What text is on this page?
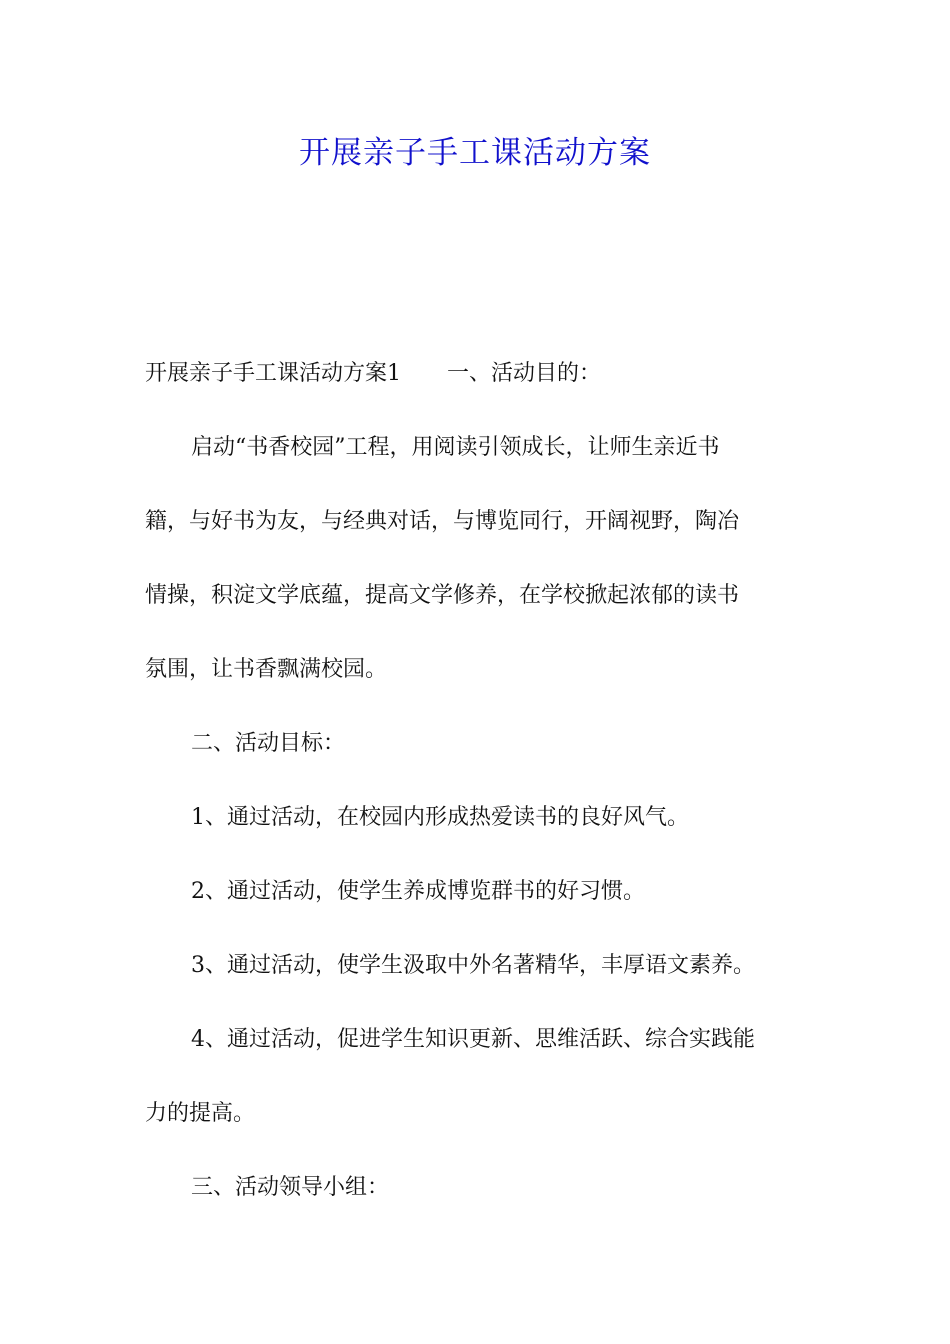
开展亲子手工课活动方案

开展亲子手工课活动方案1 一、活动目的：

启动“书香校园”工程，用阅读引领成长，让师生亲近书
籍，与好书为友，与经典对话，与博览同行，开阔视野，陶冶
情操，积淀文学底蕴，提高文学修养，在学校掀起浓郁的读书
氛围，让书香飘满校园。

二、活动目标：

1、通过活动，在校园内形成热爱读书的良好风气。

2、通过活动，使学生养成博览群书的好习惯。

3、通过活动，使学生汲取中外名著精华，丰厚语文素养。

4、通过活动，促进学生知识更新、思维活跃、综合实践能
力的提高。

三、活动领导小组：
